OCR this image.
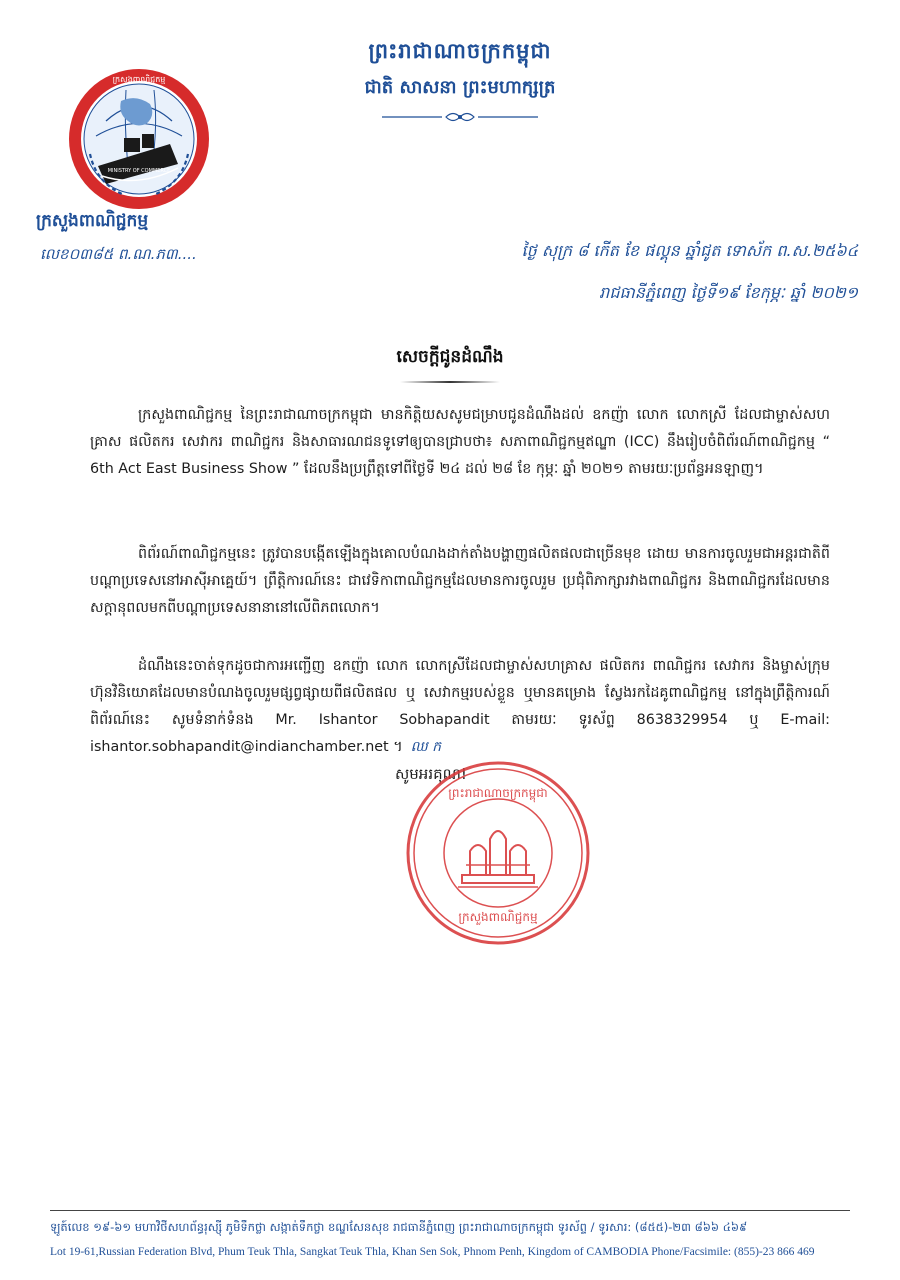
ក្រសួងពាណិជ្ជកម្ម
MINISTRY OF COMMERCE
ក្រសួងពាណិជ្ជកម្ម
លេខ០៣៨៥ ព.ណ.ភ៣....
ព្រះរាជាណាចក្រកម្ពុជា
ជាតិ សាសនា ព្រះមហាក្សត្រ
ថ្ងៃ សុក្រ ៨ កើត ខែ ផល្គុន ឆ្នាំជូត ទោស័ក ព.ស.២៥៦៤
រាជធានីភ្នំពេញ ថ្ងៃទី១៩ ខែកុម្ភៈ ឆ្នាំ ២០២១
សេចក្តីជូនដំណឹង
ក្រសួងពាណិជ្ជកម្ម នៃព្រះរាជាណាចក្រកម្ពុជា មានកិត្តិយសសូមជម្រាបជូនដំណឹងដល់ ឧកញ៉ា លោក លោកស្រី ដែលជាម្ចាស់សហគ្រាស ផលិតករ សេវាករ ពាណិជ្ជករ និងសាធារណជនទូទៅឲ្យបានជ្រាបថា៖ សភាពាណិជ្ជកម្មឥណ្ឌា (ICC) នឹងរៀបចំពិព័រណ៍ពាណិជ្ជកម្ម “ 6th Act East Business Show ” ដែលនឹងប្រព្រឹត្តទៅពីថ្ងៃទី ២៤ ដល់ ២៨ ខែ កុម្ភៈ ឆ្នាំ ២០២១ តាមរយៈប្រព័ន្ធអនឡាញ។
ពិព័រណ៍ពាណិជ្ជកម្មនេះ ត្រូវបានបង្កើតឡើងក្នុងគោលបំណងដាក់តាំងបង្ហាញផលិតផលជាច្រើនមុខ ដោយ មានការចូលរួមជាអន្តរជាតិពីបណ្តាប្រទេសនៅអាស៊ីអាគ្នេយ៍។ ព្រឹត្តិការណ៍នេះ ជាវេទិកាពាណិជ្ជកម្មដែលមានការចូលរួម ប្រជុំពិភាក្សារវាងពាណិជ្ជករ និងពាណិជ្ជករដែលមានសក្តានុពលមកពីបណ្តាប្រទេសនានានៅលើពិភពលោក។
ដំណឹងនេះចាត់ទុកដូចជាការអញ្ជើញ ឧកញ៉ា លោក លោកស្រីដែលជាម្ចាស់សហគ្រាស ផលិតករ ពាណិជ្ជករ សេវាករ និងម្ចាស់ក្រុមហ៊ុនវិនិយោគដែលមានបំណងចូលរួមផ្សព្វផ្សាយពីផលិតផល ឬ សេវាកម្មរបស់ខ្លួន ឬមានគម្រោង ស្វែងរកដៃគូពាណិជ្ជកម្ម នៅក្នុងព្រឹត្តិការណ៍ពិព័រណ៍នេះ សូមទំនាក់ទំនង Mr. Ishantor Sobhapandit តាមរយៈ ទូរស័ព្ទ 8638329954 ឬ E-mail: ishantor.sobhapandit@indianchamber.net ។ ឈ ក
សូមអរគុណ!
ព្រះរាជាណាចក្រកម្ពុជា
ក្រសួងពាណិជ្ជកម្ម
ឡូត៍លេខ ១៩-៦១ មហាវិថីសហព័ន្ធរុស្ស៊ី ភូមិទឹកថ្លា សង្កាត់ទឹកថ្លា ខណ្ឌសែនសុខ រាជធានីភ្នំពេញ ព្រះរាជាណាចក្រកម្ពុជា ទូរស័ព្ទ / ទូរសារ: (៨៥៥)-២៣ ៨៦៦ ៤៦៩
Lot 19-61,Russian Federation Blvd, Phum Teuk Thla, Sangkat Teuk Thla, Khan Sen Sok, Phnom Penh, Kingdom of CAMBODIA Phone/Facsimile: (855)-23 866 469
